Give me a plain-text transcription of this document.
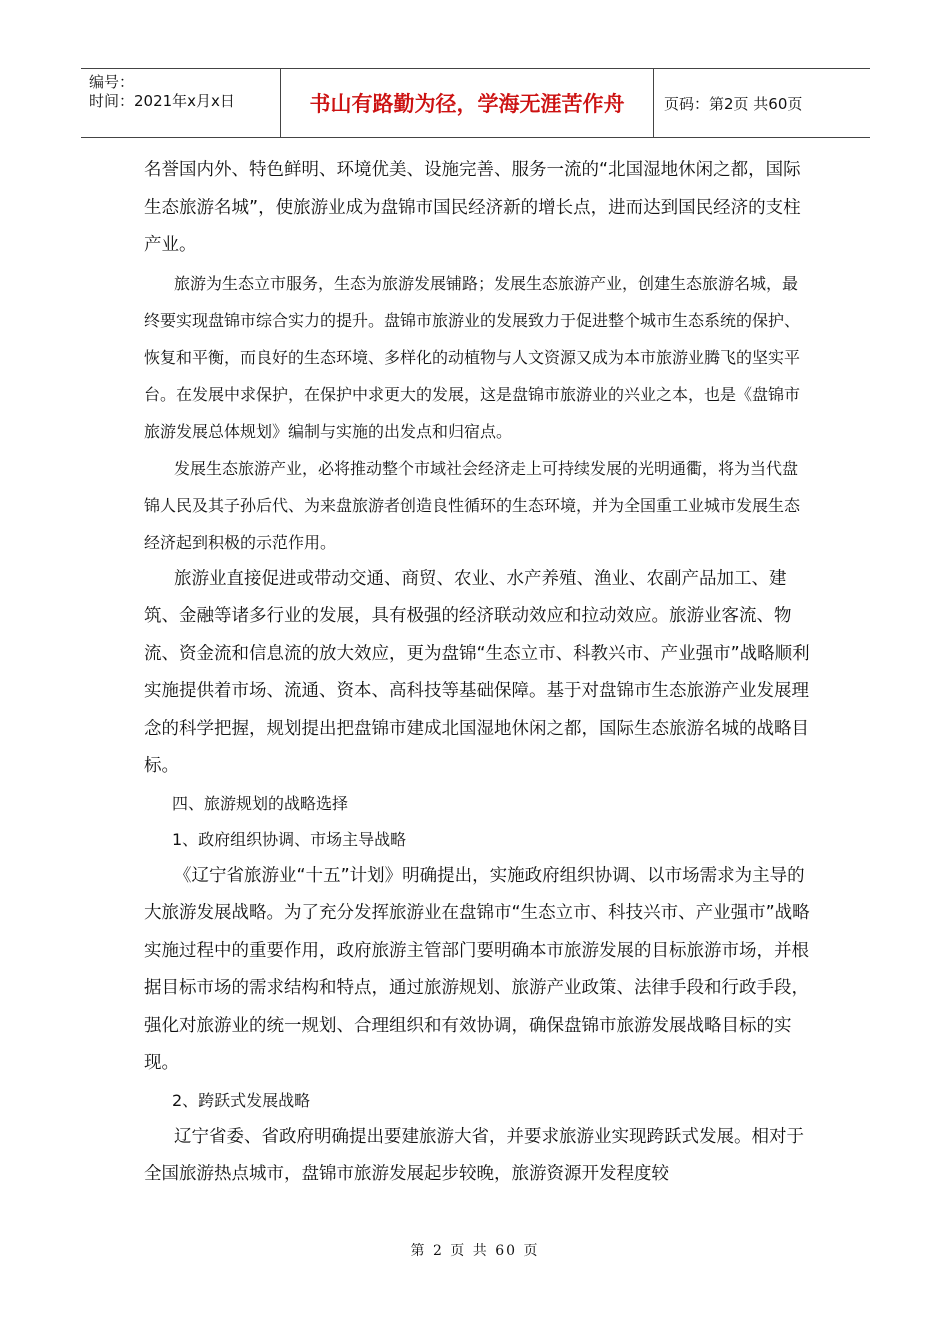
编号：
时间：2021年x月x日	书山有路勤为径，学海无涯苦作舟	页码：第2页 共60页

名誉国内外、特色鲜明、环境优美、设施完善、服务一流的“北国湿地休闲之都，国际生态旅游名城”，使旅游业成为盘锦市国民经济新的增长点，进而达到国民经济的支柱产业。

旅游为生态立市服务，生态为旅游发展铺路；发展生态旅游产业，创建生态旅游名城，最终要实现盘锦市综合实力的提升。盘锦市旅游业的发展致力于促进整个城市生态系统的保护、恢复和平衡，而良好的生态环境、多样化的动植物与人文资源又成为本市旅游业腾飞的坚实平台。在发展中求保护，在保护中求更大的发展，这是盘锦市旅游业的兴业之本，也是《盘锦市旅游发展总体规划》编制与实施的出发点和归宿点。

发展生态旅游产业，必将推动整个市域社会经济走上可持续发展的光明通衢，将为当代盘锦人民及其子孙后代、为来盘旅游者创造良性循环的生态环境，并为全国重工业城市发展生态经济起到积极的示范作用。

旅游业直接促进或带动交通、商贸、农业、水产养殖、渔业、农副产品加工、建筑、金融等诸多行业的发展，具有极强的经济联动效应和拉动效应。旅游业客流、物流、资金流和信息流的放大效应，更为盘锦“生态立市、科教兴市、产业强市”战略顺利实施提供着市场、流通、资本、高科技等基础保障。基于对盘锦市生态旅游产业发展理念的科学把握，规划提出把盘锦市建成北国湿地休闲之都，国际生态旅游名城的战略目标。

四、旅游规划的战略选择

1、政府组织协调、市场主导战略

《辽宁省旅游业“十五”计划》明确提出，实施政府组织协调、以市场需求为主导的大旅游发展战略。为了充分发挥旅游业在盘锦市“生态立市、科技兴市、产业强市”战略实施过程中的重要作用，政府旅游主管部门要明确本市旅游发展的目标旅游市场，并根据目标市场的需求结构和特点，通过旅游规划、旅游产业政策、法律手段和行政手段，强化对旅游业的统一规划、合理组织和有效协调，确保盘锦市旅游发展战略目标的实现。

2、跨跃式发展战略

辽宁省委、省政府明确提出要建旅游大省，并要求旅游业实现跨跃式发展。相对于全国旅游热点城市，盘锦市旅游发展起步较晚，旅游资源开发程度较

第 2 页 共 60 页
